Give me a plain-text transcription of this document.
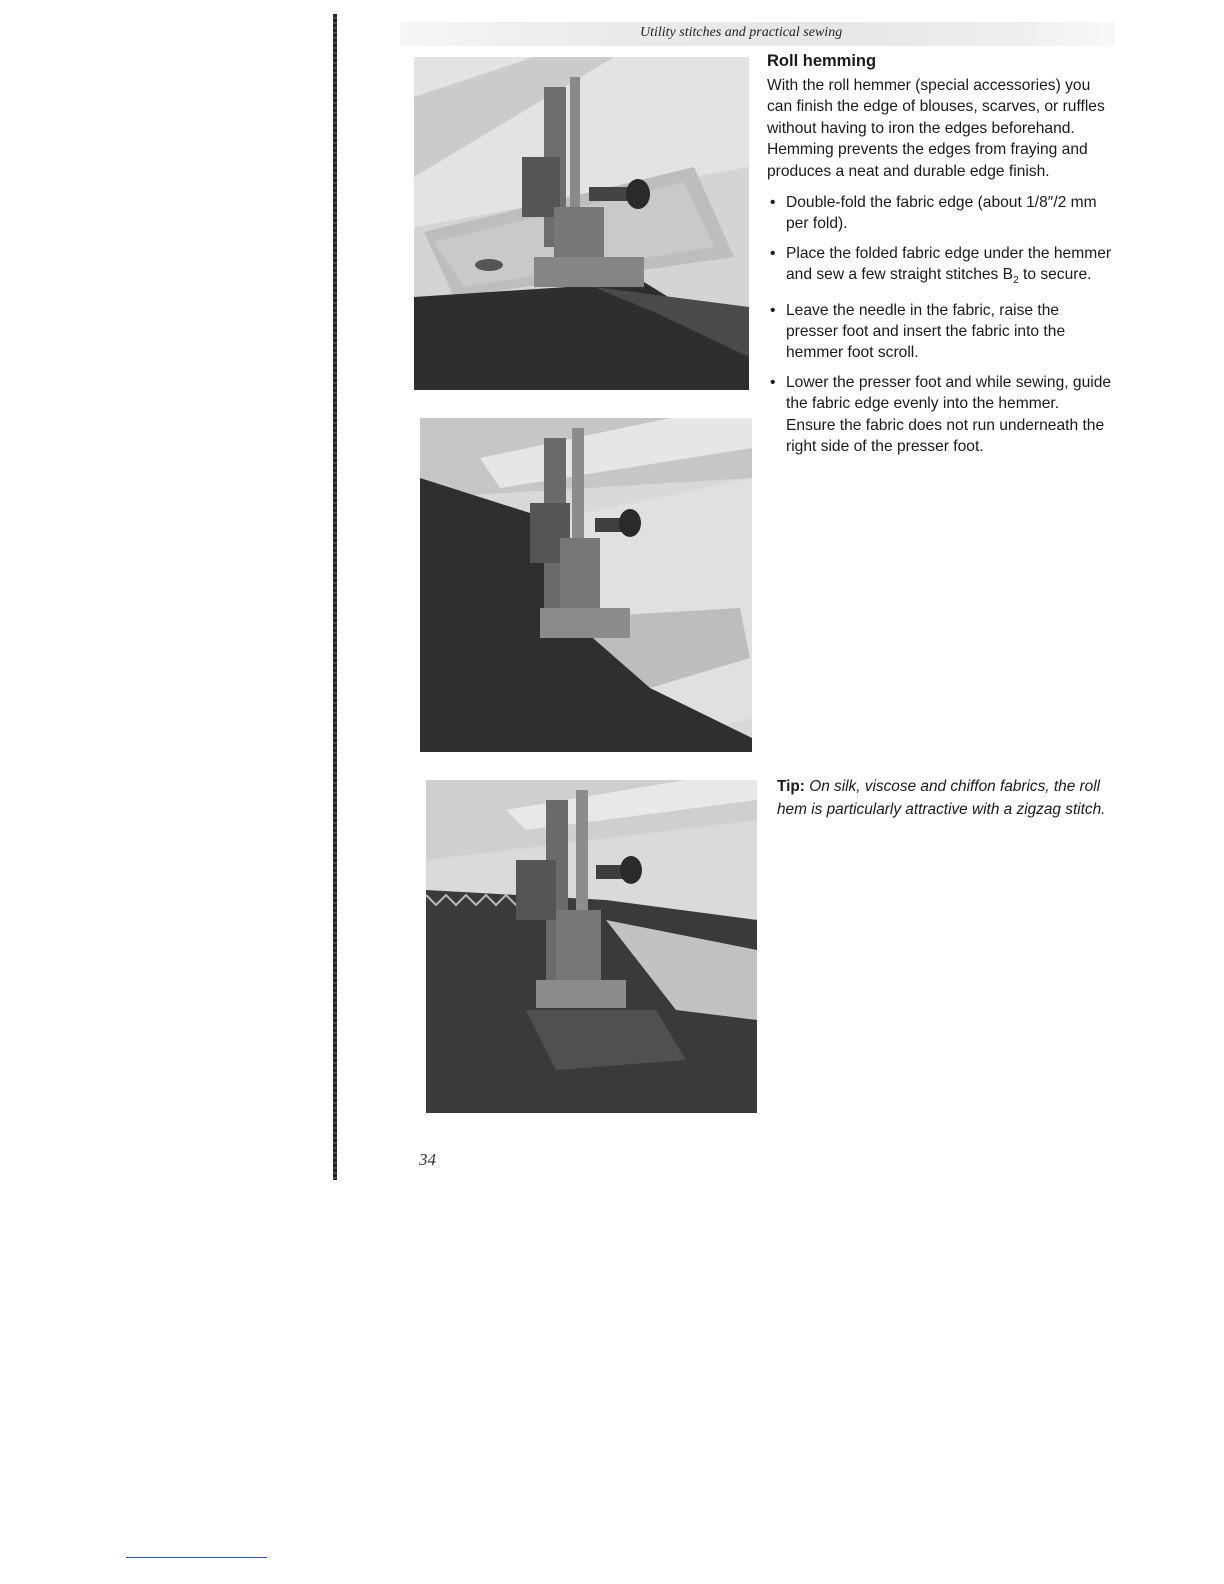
Utility stitches and practical sewing
Roll hemming

With the roll hemmer (special accessories) you can finish the edge of blouses, scarves, or ruffles without having to iron the edges beforehand. Hemming prevents the edges from fraying and produces a neat and durable edge finish.

• Double-fold the fabric edge (about 1/8″/2 mm per fold).
• Place the folded fabric edge under the hemmer and sew a few straight stitches $B_2$ to secure.
• Leave the needle in the fabric, raise the presser foot and insert the fabric into the hemmer foot scroll.
• Lower the presser foot and while sewing, guide the fabric edge evenly into the hemmer. Ensure the fabric does not run underneath the right side of the presser foot.
Tip: On silk, viscose and chiffon fabrics, the roll hem is particularly attractive with a zigzag stitch.
34
